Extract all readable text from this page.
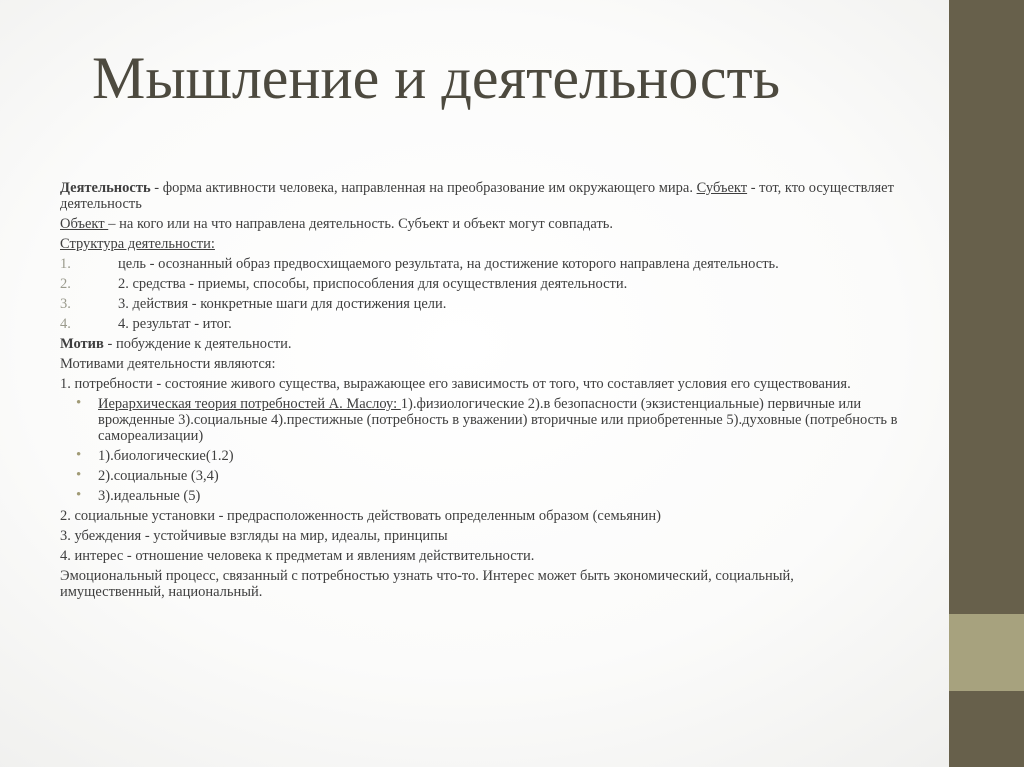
Мышление и деятельность

Деятельность - форма активности человека, направленная на преобразование им окружающего мира. Субъект - тот, кто осуществляет деятельность

Объект – на кого или на что направлена деятельность. Субъект и объект могут совпадать.

Структура деятельности:

1.	цель - осознанный образ предвосхищаемого результата, на достижение которого направлена деятельность.
2.	2. средства - приемы, способы, приспособления для осуществления деятельности.
3.	3. действия - конкретные шаги для достижения цели.
4.	4. результат - итог.

Мотив - побуждение к деятельности.

Мотивами деятельности являются:

1. потребности - состояние живого существа, выражающее его зависимость от того, что составляет условия его существования.

• Иерархическая теория потребностей А. Маслоу: 1).физиологические 2).в безопасности (экзистенциальные) первичные или врожденные 3).социальные 4).престижные (потребность в уважении) вторичные или приобретенные 5).духовные (потребность в самореализации)
• 1).биологические(1.2)
• 2).социальные (3,4)
• 3).идеальные (5)

2. социальные установки - предрасположенность действовать определенным образом (семьянин)

3. убеждения - устойчивые взгляды на мир, идеалы, принципы

4. интерес - отношение человека к предметам и явлениям действительности.

Эмоциональный процесс, связанный с потребностью узнать что-то. Интерес может быть экономический, социальный, имущественный, национальный.
